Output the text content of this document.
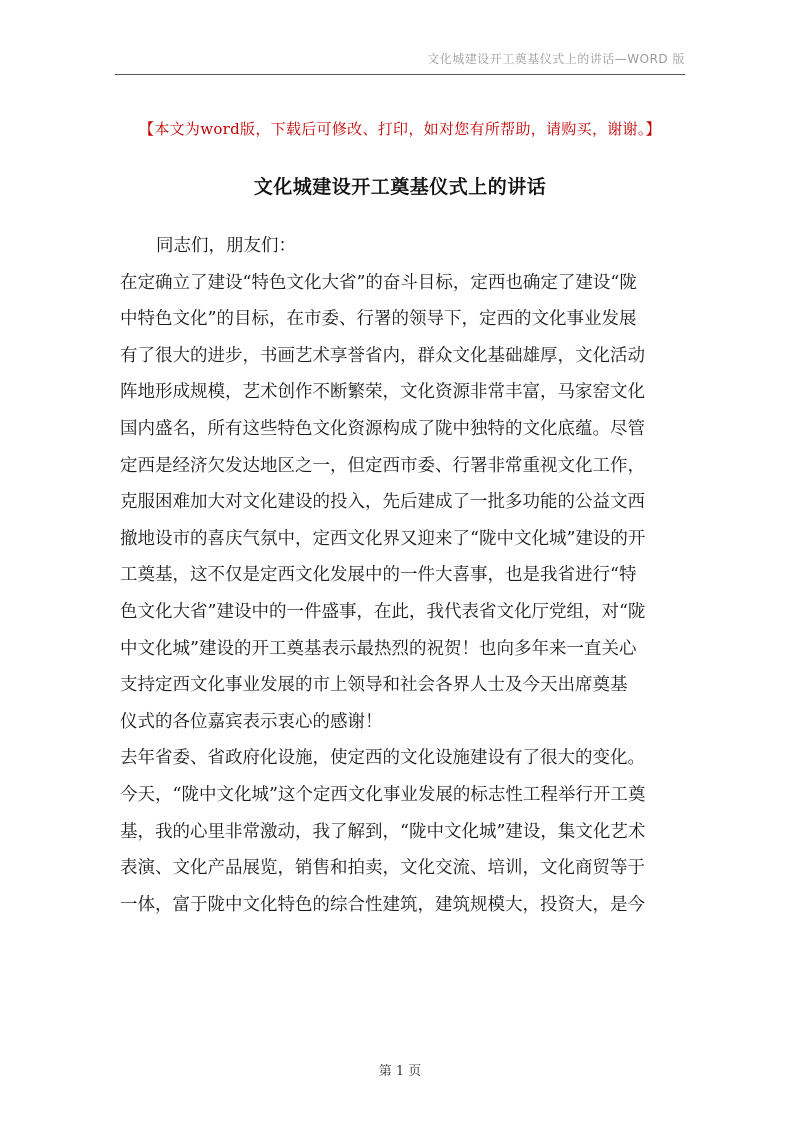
文化城建设开工奠基仪式上的讲话—WORD 版
【本文为word版，下载后可修改、打印，如对您有所帮助，请购买，谢谢。】
文化城建设开工奠基仪式上的讲话
同志们，朋友们：
在定确立了建设“特色文化大省”的奋斗目标，定西也确定了建设“陇
中特色文化”的目标，在市委、行署的领导下，定西的文化事业发展
有了很大的进步，书画艺术享誉省内，群众文化基础雄厚，文化活动
阵地形成规模，艺术创作不断繁荣，文化资源非常丰富，马家窑文化
国内盛名，所有这些特色文化资源构成了陇中独特的文化底蕴。尽管
定西是经济欠发达地区之一，但定西市委、行署非常重视文化工作，
克服困难加大对文化建设的投入，先后建成了一批多功能的公益文西
撤地设市的喜庆气氛中，定西文化界又迎来了“陇中文化城”建设的开
工奠基，这不仅是定西文化发展中的一件大喜事，也是我省进行“特
色文化大省”建设中的一件盛事，在此，我代表省文化厅党组，对“陇
中文化城”建设的开工奠基表示最热烈的祝贺！也向多年来一直关心
支持定西文化事业发展的市上领导和社会各界人士及今天出席奠基
仪式的各位嘉宾表示衷心的感谢！
去年省委、省政府化设施，使定西的文化设施建设有了很大的变化。
今天，“陇中文化城”这个定西文化事业发展的标志性工程举行开工奠
基，我的心里非常激动，我了解到，“陇中文化城”建设，集文化艺术
表演、文化产品展览，销售和拍卖，文化交流、培训，文化商贸等于
一体，富于陇中文化特色的综合性建筑，建筑规模大，投资大，是今
第 1 页
